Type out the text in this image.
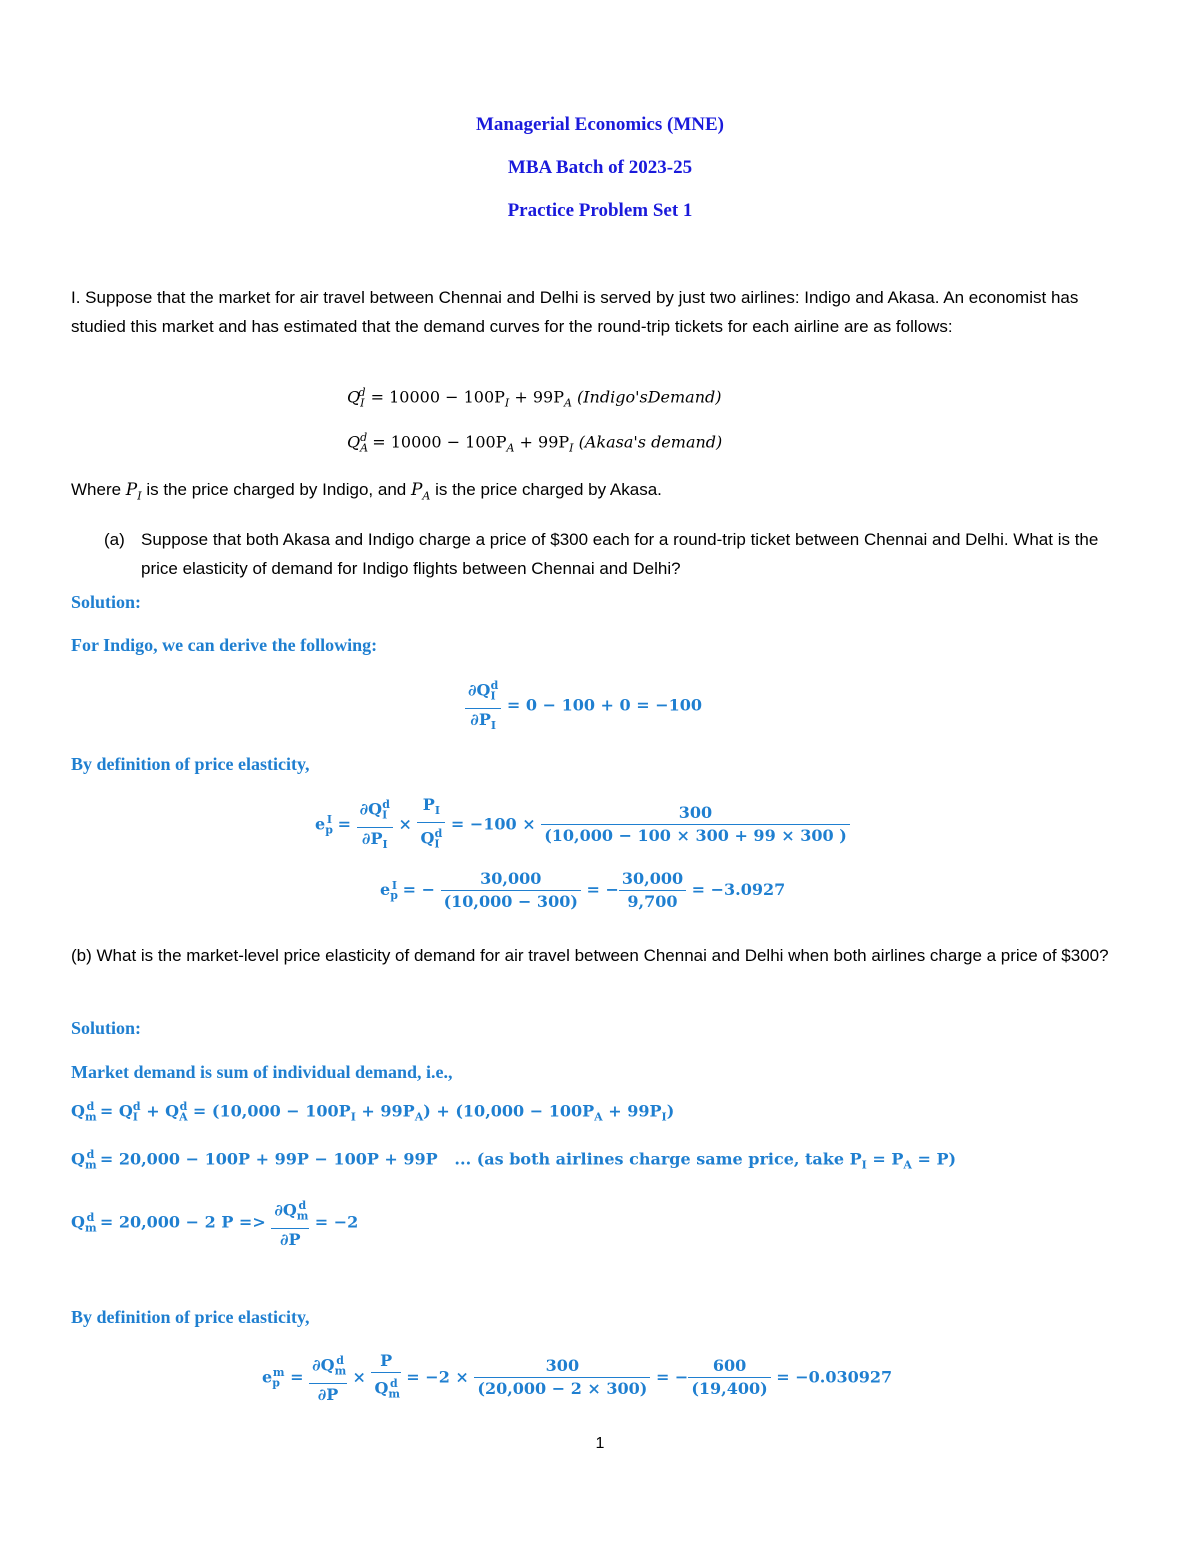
Managerial Economics (MNE)
MBA Batch of 2023-25
Practice Problem Set 1
I. Suppose that the market for air travel between Chennai and Delhi is served by just two airlines: Indigo and Akasa. An economist has studied this market and has estimated that the demand curves for the round-trip tickets for each airline are as follows:
$Q_I^d = 10000 - 100P_I + 99P_A$ (Indigo'sDemand)
$Q_A^d = 10000 - 100P_A + 99P_I$ (Akasa's demand)
Where $P_I$ is the price charged by Indigo, and $P_A$ is the price charged by Akasa.
(a) Suppose that both Akasa and Indigo charge a price of $300 each for a round-trip ticket between Chennai and Delhi. What is the price elasticity of demand for Indigo flights between Chennai and Delhi?
Solution:
For Indigo, we can derive the following:
$\frac{\partial Q_I^d}{\partial P_I} = 0 - 100 + 0 = -100$
By definition of price elasticity,
$e_p^I = \frac{\partial Q_I^d}{\partial P_I} \times \frac{P_I}{Q_I^d} = -100 \times \frac{300}{(10,000 - 100 \times 300 + 99 \times 300 )}$
$e_p^I$ = − $\frac{30,000}{(10,000 - 300)}$ = − $\frac{30,000}{9,700} = -3.0927$
(b) What is the market-level price elasticity of demand for air travel between Chennai and Delhi when both airlines charge a price of $300?
Solution:
Market demand is sum of individual demand, i.e.,
$Q_m^d = Q_I^d + Q_A^d = (10,000 - 100P_I + 99P_A) + (10,000 - 100P_A + 99P_I)$
$Q_m^d = 20,000 - 100P + 99P - 100P + 99P$ ... (as both airlines charge same price, take $P_I = P_A = P$)
$Q_m^d = 20,000 - 2$ $P => \frac{\partial Q_m^d}{\partial P} = -2$
By definition of price elasticity,
$e_p^m = \frac{\partial Q_m^d}{\partial P} \times \frac{P}{Q_m^d} = -2 \times \frac{300}{(20,000 - 2 \times 300)}$ = − $\frac{600}{(19,400)} = -0.030927$
1
